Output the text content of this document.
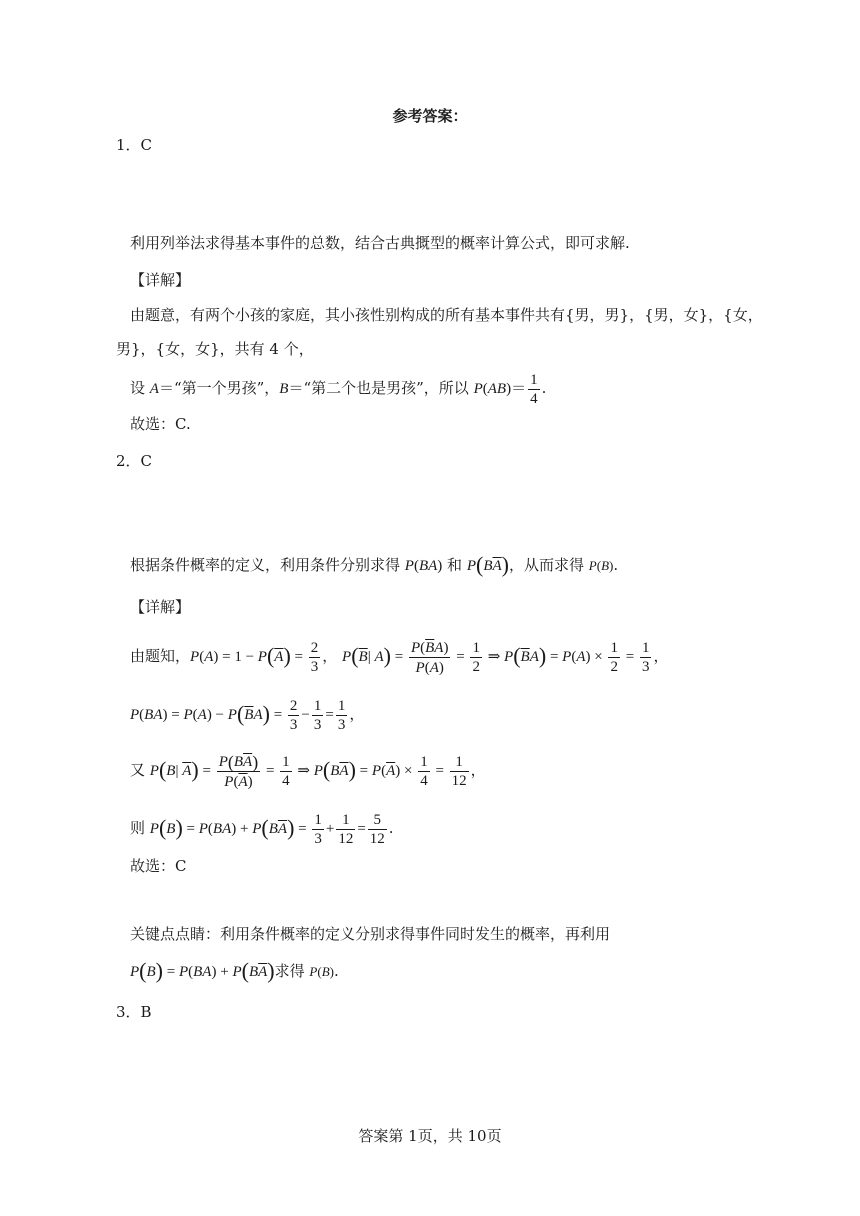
参考答案：
1．C
利用列举法求得基本事件的总数，结合古典摡型的概率计算公式，即可求解.
【详解】
由题意，有两个小孩的家庭，其小孩性别构成的所有基本事件共有{男，男}，{男，女}，{女，
男}，{女，女}，共有 4 个，
设 A＝“第一个男孩”，B＝“第二个也是男孩”，所以 $P(AB)= \frac{1}{4}$ .
故选：C.
2．C
根据条件概率的定义，利用条件分别求得 P(BA) 和 $P(B\overline{A})$，从而求得 P(B).
【详解】
由题知，$P(A) = 1 - P(\overline{A}) = \frac{2}{3}$ ， $P(\overline{B}|$ $A) = \frac{P(\overline{B}A)}{P(A)} = \frac{1}{2}$ ⇒ $P(\overline{B}A) = P(A) \times \frac{1}{2} = \frac{1}{3}$ ，
$P(BA) = P(A) - P(\overline{B}A) = \frac{2}{3} - \frac{1}{3} = \frac{1}{3}$ ，
又 P(B| $\overline{A}) = \frac{P(B\overline{A})}{P(\overline{A})} = \frac{1}{4}$ ⇒ $P(B\overline{A}) = P(\overline{A}) \times \frac{1}{4} = \frac{1}{12}$ ，
则 $P(B) = P(BA) + P(B\overline{A}) = \frac{1}{3} + \frac{1}{12} = \frac{5}{12}$ .
故选：C
关键点点睛：利用条件概率的定义分别求得事件同时发生的概率，再利用
$P(B) = P(BA) + P(B\overline{A})$求得 P(B).
3．B
答案第 1页，共 10页
